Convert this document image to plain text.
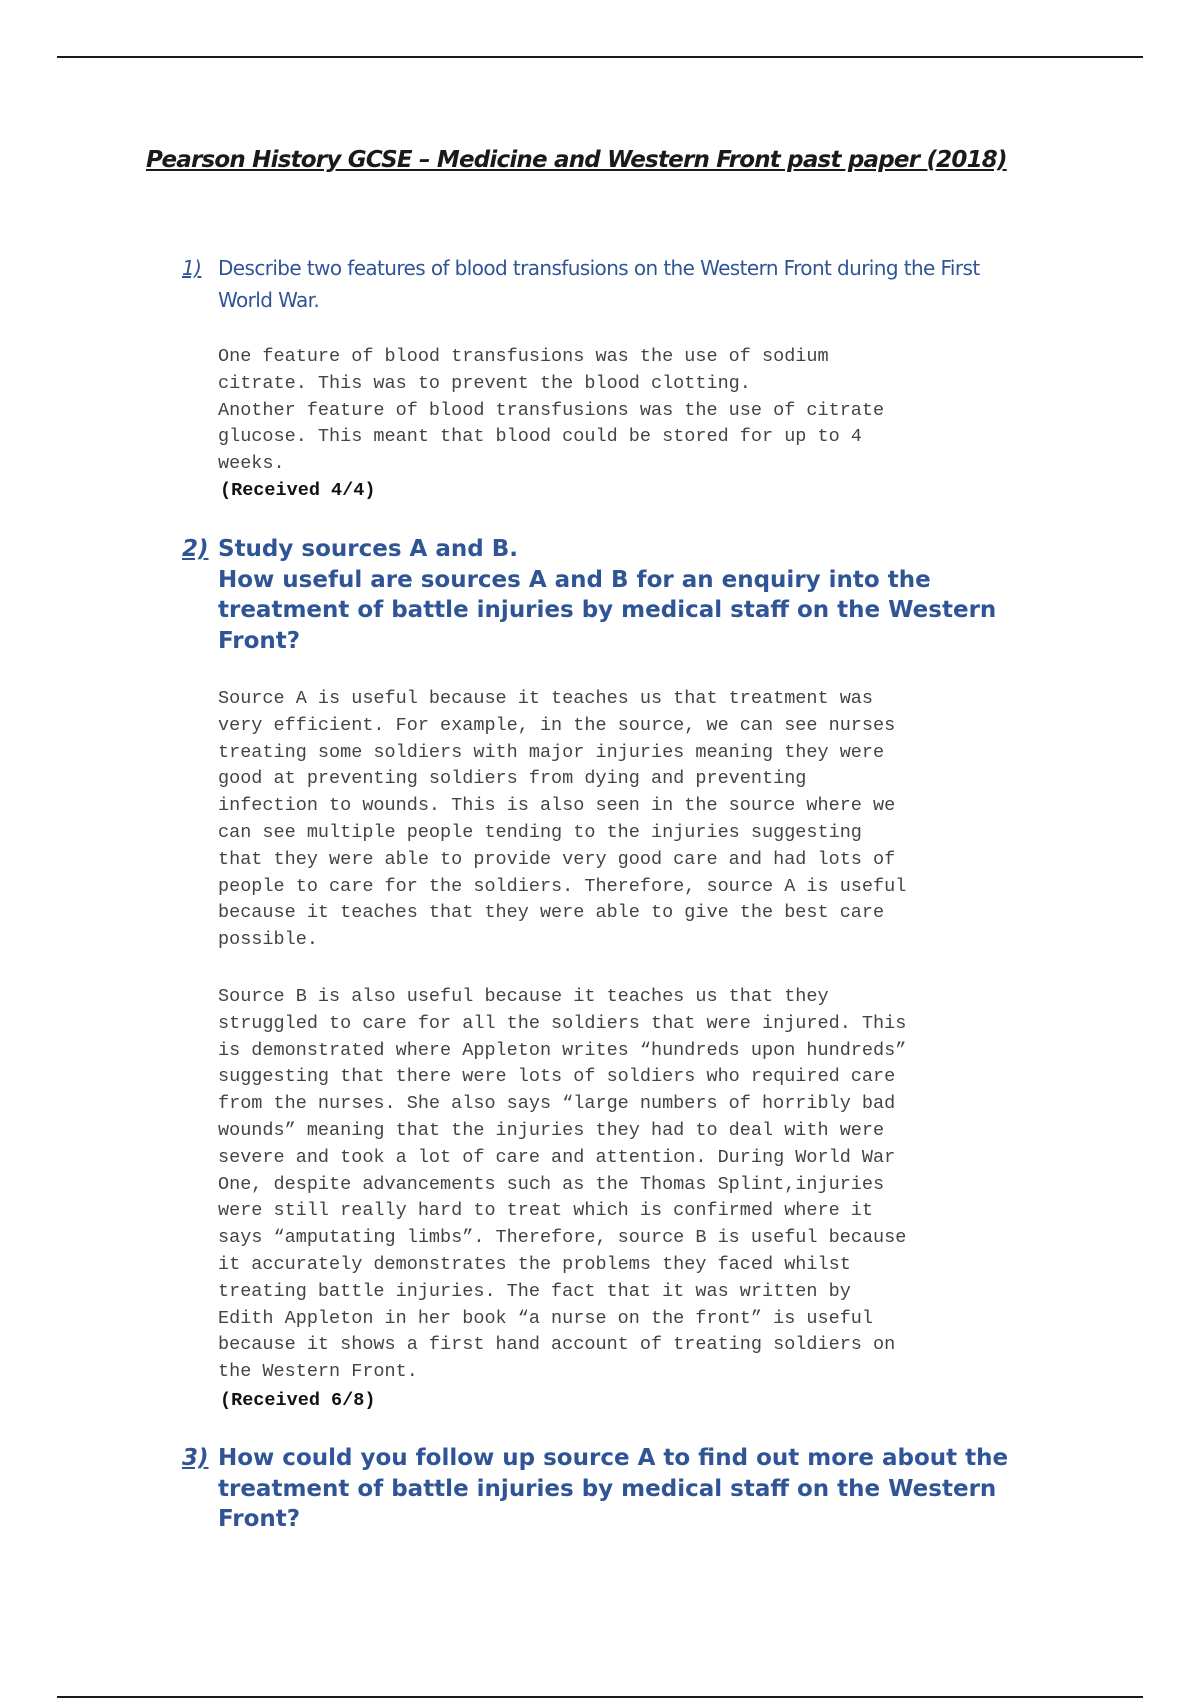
Pearson History GCSE – Medicine and Western Front past paper (2018)
1) Describe two features of blood transfusions on the Western Front during the First
World War.

One feature of blood transfusions was the use of sodium
citrate. This was to prevent the blood clotting.
Another feature of blood transfusions was the use of citrate
glucose. This meant that blood could be stored for up to 4
weeks.
(Received 4/4)
2) Study sources A and B.
How useful are sources A and B for an enquiry into the
treatment of battle injuries by medical staff on the Western
Front?

Source A is useful because it teaches us that treatment was
very efficient. For example, in the source, we can see nurses
treating some soldiers with major injuries meaning they were
good at preventing soldiers from dying and preventing
infection to wounds. This is also seen in the source where we
can see multiple people tending to the injuries suggesting
that they were able to provide very good care and had lots of
people to care for the soldiers. Therefore, source A is useful
because it teaches that they were able to give the best care
possible.
Source B is also useful because it teaches us that they
struggled to care for all the soldiers that were injured. This
is demonstrated where Appleton writes “hundreds upon hundreds”
suggesting that there were lots of soldiers who required care
from the nurses. She also says “large numbers of horribly bad
wounds” meaning that the injuries they had to deal with were
severe and took a lot of care and attention. During World War
One, despite advancements such as the Thomas Splint,injuries
were still really hard to treat which is confirmed where it
says “amputating limbs”. Therefore, source B is useful because
it accurately demonstrates the problems they faced whilst
treating battle injuries. The fact that it was written by
Edith Appleton in her book “a nurse on the front” is useful
because it shows a first hand account of treating soldiers on
the Western Front.
(Received 6/8)
3) How could you follow up source A to find out more about the
treatment of battle injuries by medical staff on the Western
Front?
